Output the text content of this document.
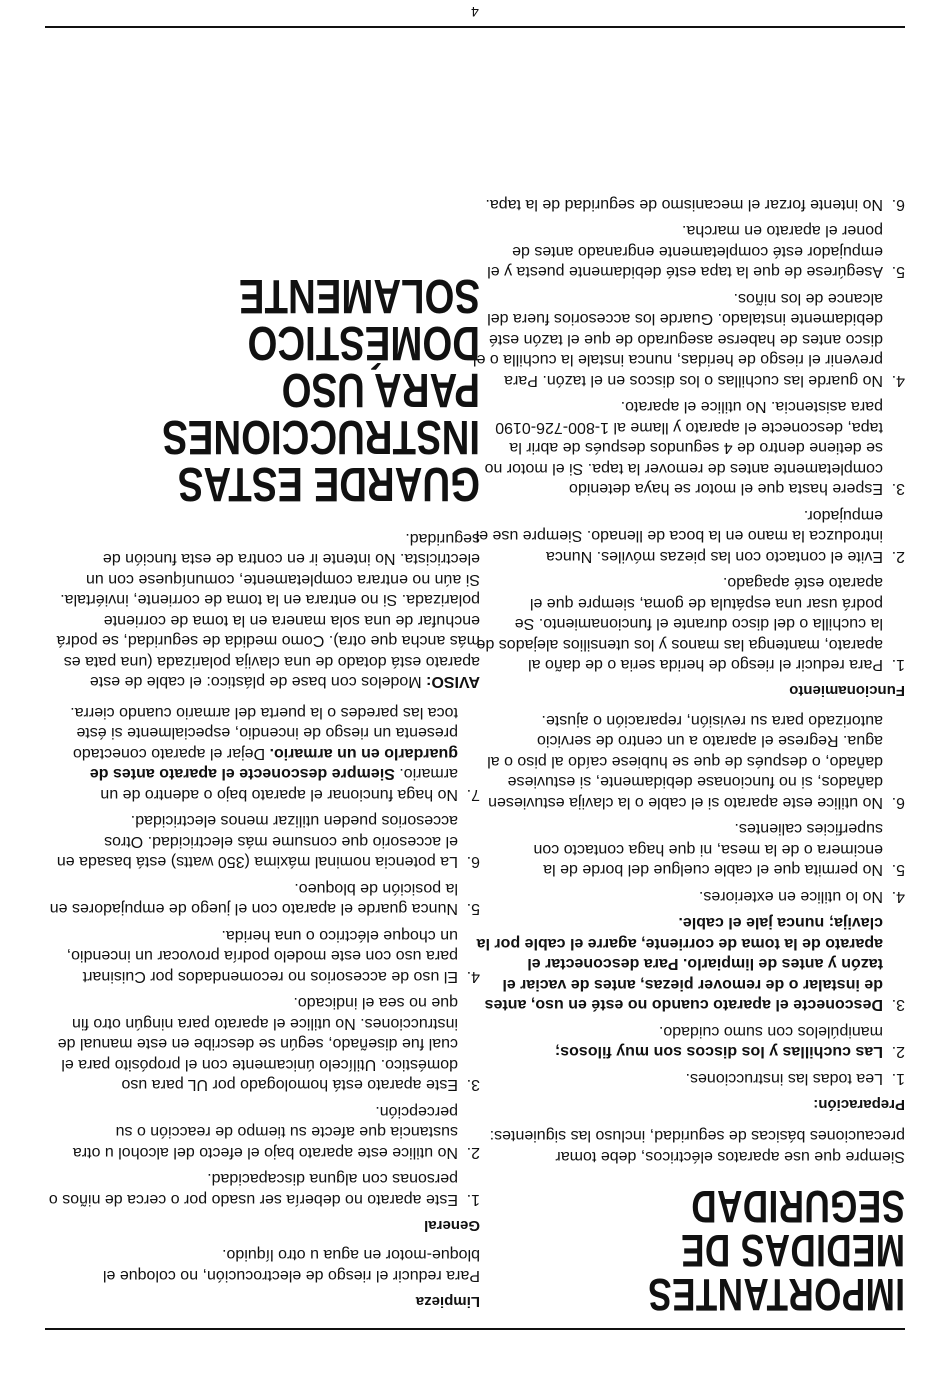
IMPORTANTES
MEDIDAS DE SEGURIDAD

Siempre que use aparatos eléctricos, debe tomar precauciones básicas de seguridad, incluso las siguientes:

Preparación:
1.
Lea todas las instrucciones.
2.
Las cuchillas y los discos son muy filosos; manipúlelos con sumo cuidado.
3.
Desconecte el aparato cuando no esté en uso, antes de instalar o de remover piezas, antes de vaciar el tazón y antes de limpiarlo. Para desconectar el aparato de la toma de corriente, agarre el cable por la clavija; nunca jale el cable.
4.
No lo utilice en exteriores.
5.
No permita que el cable cuelgue del borde de la encimera o de la mesa, ni que haga contacto con superficies calientes.
6.
No utilice este aparato si el cable o la clavija estuviesen dañados, si no funcionase debidamente, si estuviese dañado, o después de que se hubiese caído al piso o al agua. Regrese el aparato a un centro de servicio autorizado para su revisión, reparación o ajuste.
Funcionamiento
1.
Para reducir el riesgo de herida seria o de daño al aparato, mantenga las manos y los utensilios alejados de la cuchilla o del disco durante el funcionamiento. Se podrá usar una espátula de goma, siempre que el aparato esté apagado.
2.
Evite el contacto con las piezas móviles. Nunca introduzca la mano en la boca de llenado. Siempre use el empujador.
3.
Espere hasta que el motor se haya detenido completamente antes de remover la tapa. Si el motor no se detiene dentro de 4 segundos después de abrir la tapa, desconecte el aparato y llame al 1-800-726-0190 para asistencia. No utilice el aparato.
4.
No guarde las cuchillas o los discos en el tazón. Para prevenir el riesgo de heridas, nunca instale la cuchilla o el disco antes de haberse asegurado de que el tazón esté debidamente instalado. Guarde los accesorios fuera del alcance de los niños.
5.
Asegúrese de que la tapa esté debidamente puesta y el empujador esté completamente engranado antes de poner el aparato en marcha.
6.
No intente forzar el mecanismo de seguridad de la tapa.
Limpieza

Para reducir el riesgo de electrocución, no coloque el bloque-motor en agua u otro líquido.

General
1.
Este aparato no debería ser usado por o cerca de niños o personas con alguna discapacidad.
2.
No utilice este aparato bajo el efecto del alcohol u otra sustancia que afecte su tiempo de reacción o su percepción.
3.
Este aparato está homologado por UL para uso doméstico. Utilícelo únicamente con el propósito para el cual fue diseñado, según se describe en este manual de instrucciones. No utilice el aparato para ningún otro fin que no sea el indicado.
4.
El uso de accesorios no recomendados por Cuisinart para uso con este modelo podría provocar un incendio, un choque eléctrico o una herida.
5.
Nunca guarde el aparato con el juego de empujadores en la posición de bloqueo.
6.
La potencia nominal máxima (350 watts) está basada en el accesorio que consume más electricidad. Otros accesorios pueden utilizar menos electricidad.
7.
No haga funcionar el aparato bajo o adentro de un armario. Siempre desconecte el aparato antes de guardarlo en un armario. Dejar el aparato conectado presenta un riesgo de incendio, especialmente si éste toca las paredes o la puerta del armario cuando cierra.

AVISO: Modelos con base de plástico: el cable de este aparato está dotado de una clavija polarizada (una pata es más ancha que otra). Como medida de seguridad, se podrá enchufar de una sola manera en la toma de corriente polarizada. Si no entrara en la toma de corriente, inviértala. Si aún no entrara completamente, comuníquese con un electricista. No intente ir en contra de esta función de seguridad.

GUARDE ESTAS
INSTRUCCIONES
PARA USO
DOMÉSTICO
SOLAMENTE
4
